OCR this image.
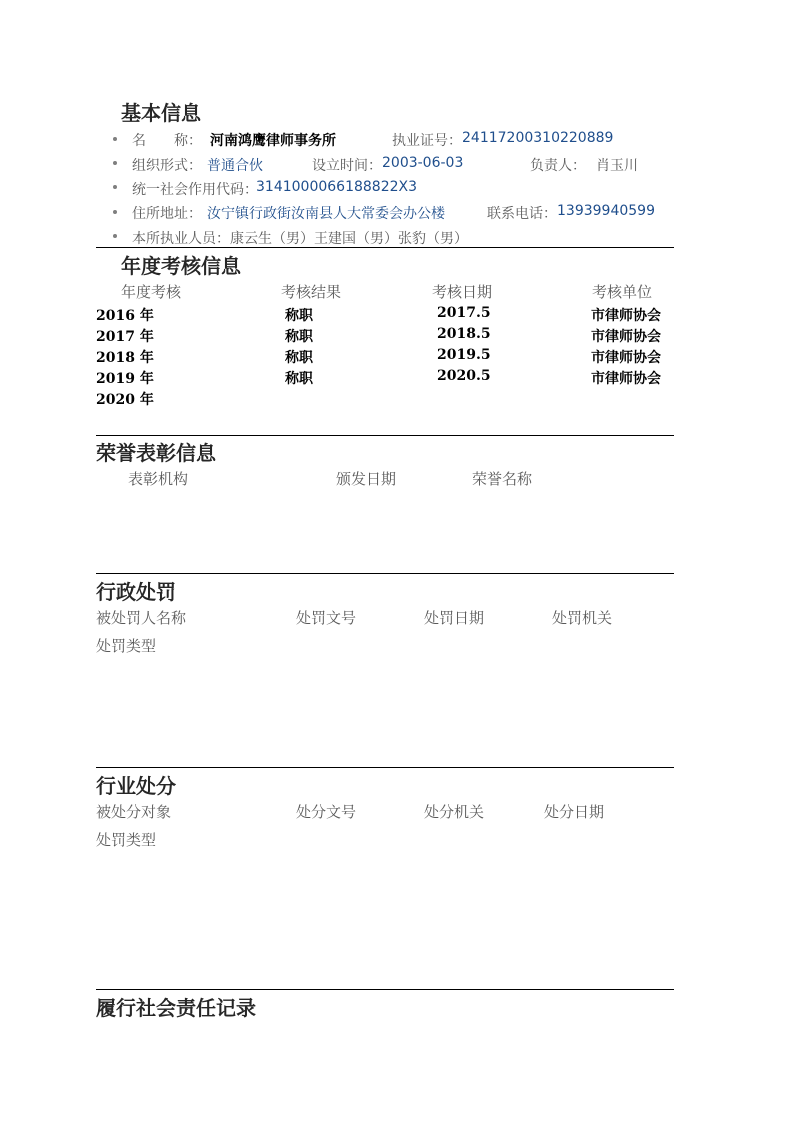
基本信息
名　　称： 河南鸿鹰律师事务所	执业证号： 24117200310220889
组织形式： 普通合伙	设立时间： 2003-06-03	负责人： 肖玉川
统一社会作用代码：
3141000066188822X3
住所地址： 汝宁镇行政街汝南县人大常委会办公楼	联系电话： 13939940599
本所执业人员：康云生（男）王建国（男）张豹（男）
年度考核信息
年度考核	考核结果	考核日期	考核单位
2016 年	称职	2017.5	市律师协会
2017 年	称职	2018.5	市律师协会
2018 年	称职	2019.5	市律师协会
2019 年	称职	2020.5	市律师协会
2020 年
荣誉表彰信息
表彰机构	颁发日期	荣誉名称
行政处罚
被处罚人名称	处罚文号	处罚日期	处罚机关
处罚类型
行业处分
被处分对象	处分文号	处分机关	处分日期
处罚类型
履行社会责任记录
